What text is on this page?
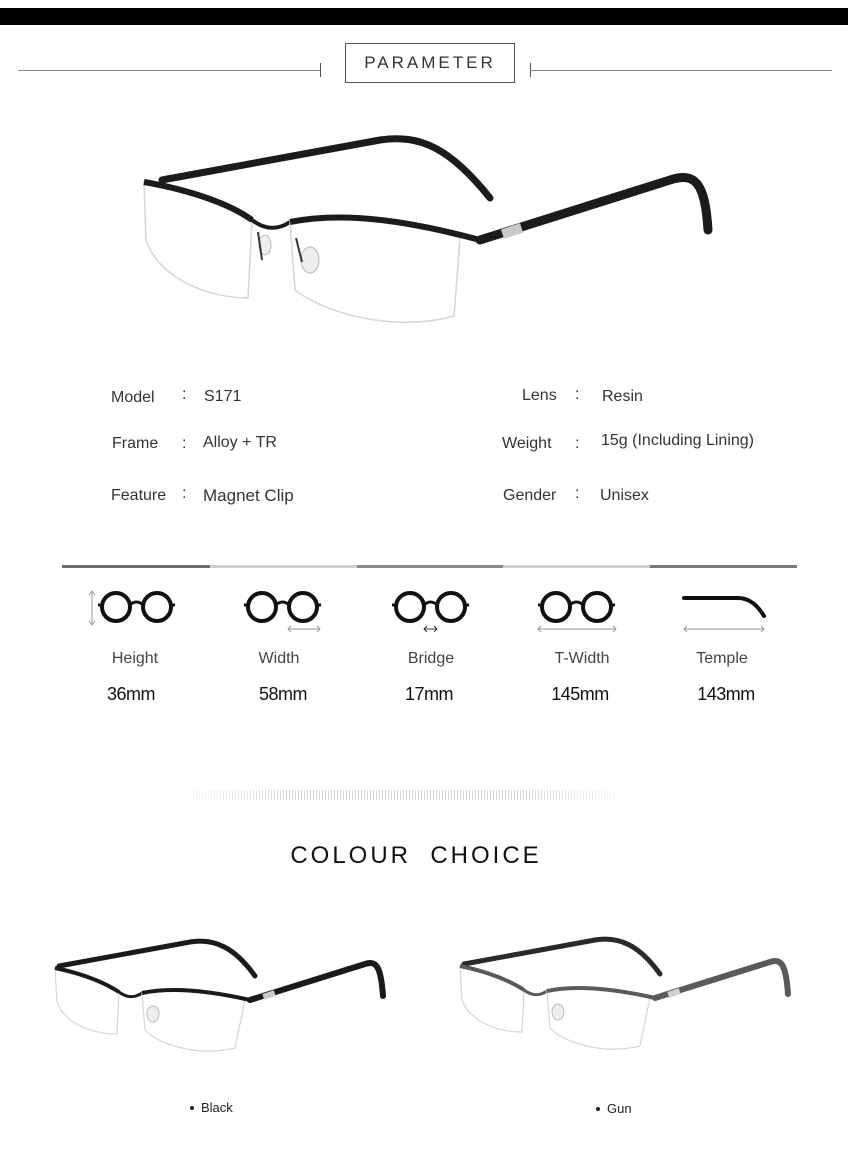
PARAMETER
Model : S171
Frame : Alloy + TR
Feature : Magnet Clip
Lens : Resin
Weight : 15g (Including Lining)
Gender : Unisex
Height
36mm
Width
58mm
Bridge
17mm
T-Width
145mm
Temple
143mm
COLOUR  CHOICE
Black	Gun
